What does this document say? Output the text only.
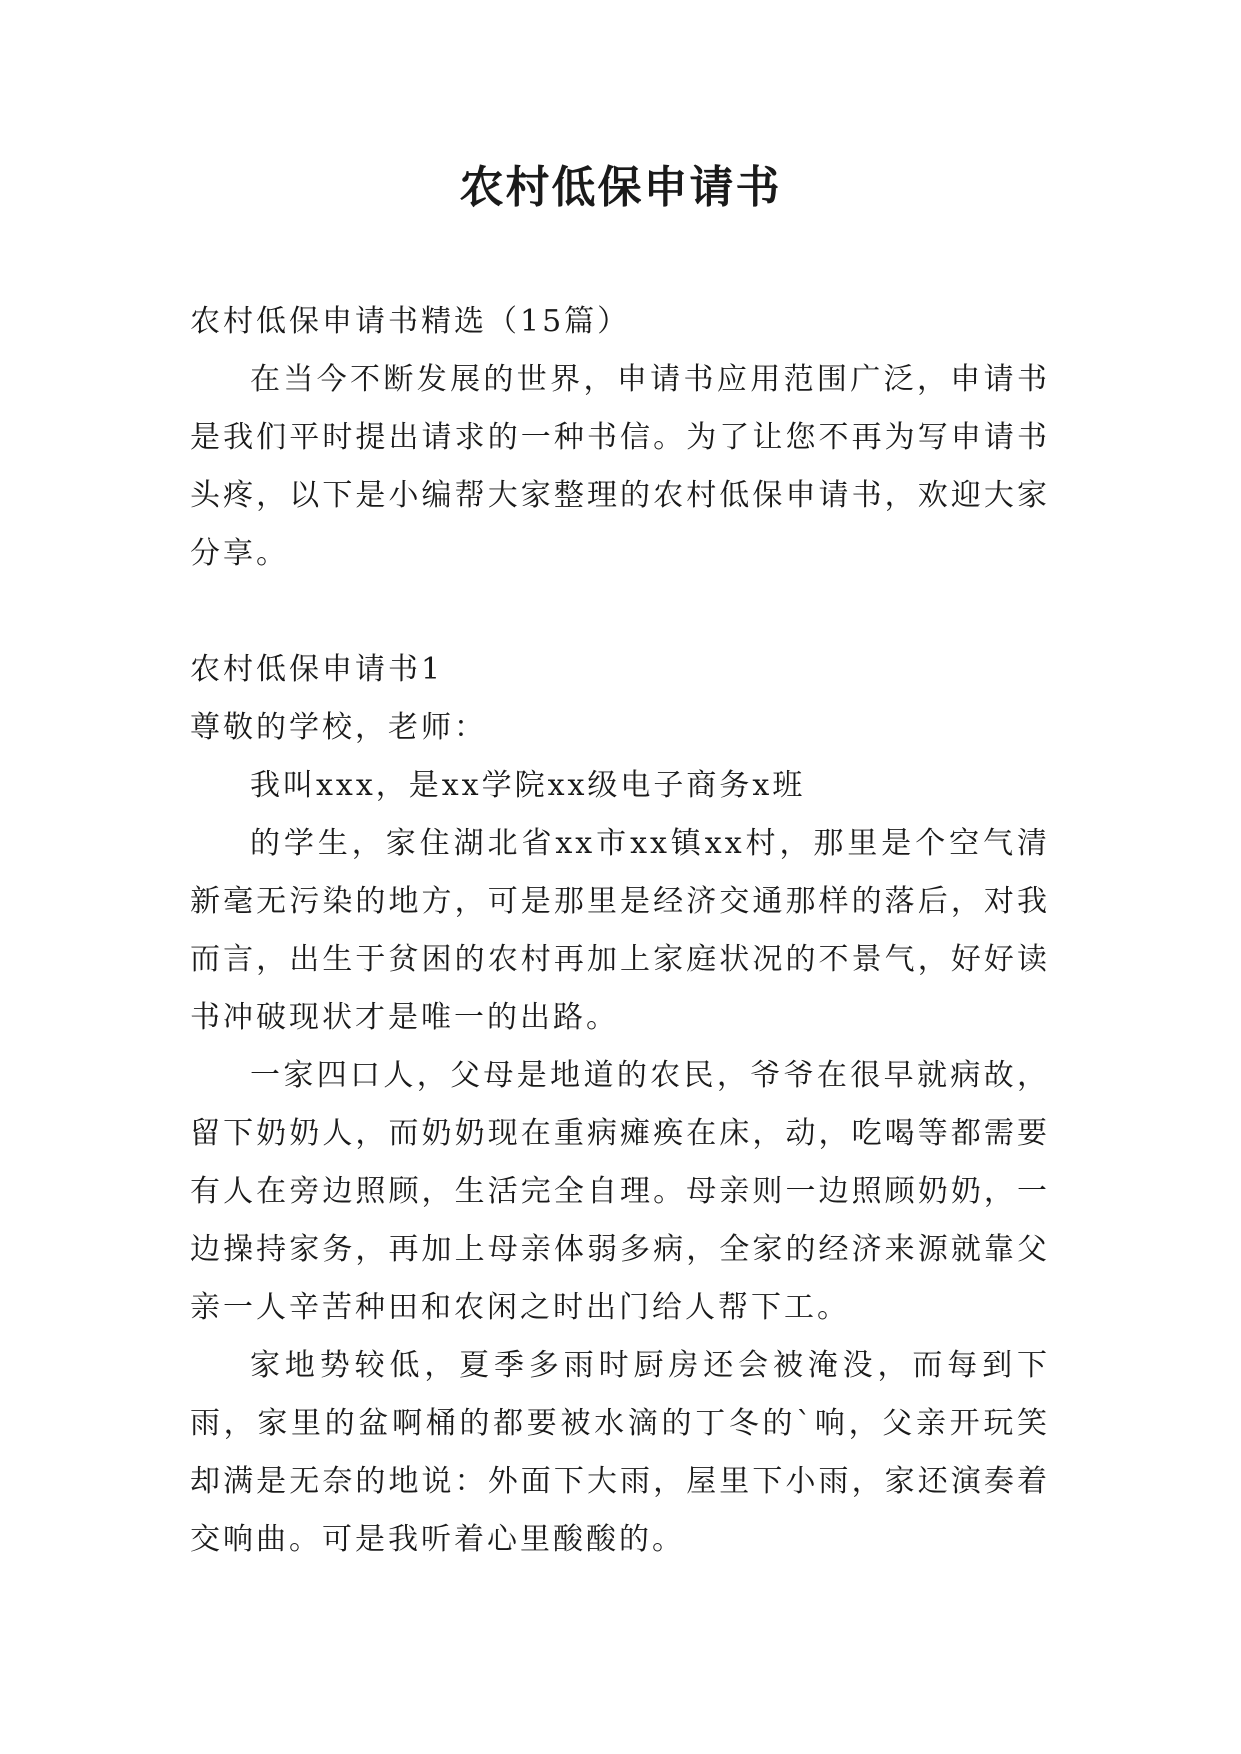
农村低保申请书

农村低保申请书精选（15篇）

在当今不断发展的世界，申请书应用范围广泛，申请书是我们平时提出请求的一种书信。为了让您不再为写申请书头疼，以下是小编帮大家整理的农村低保申请书，欢迎大家分享。

农村低保申请书1

尊敬的学校，老师：

我叫xxx，是xx学院xx级电子商务x班

的学生，家住湖北省xx市xx镇xx村，那里是个空气清新毫无污染的地方，可是那里是经济交通那样的落后，对我而言，出生于贫困的农村再加上家庭状况的不景气，好好读书冲破现状才是唯一的出路。

一家四口人，父母是地道的农民，爷爷在很早就病故，留下奶奶人，而奶奶现在重病瘫痪在床，动，吃喝等都需要有人在旁边照顾，生活完全自理。母亲则一边照顾奶奶，一边操持家务，再加上母亲体弱多病，全家的经济来源就靠父亲一人辛苦种田和农闲之时出门给人帮下工。

家地势较低，夏季多雨时厨房还会被淹没，而每到下雨，家里的盆啊桶的都要被水滴的丁冬的`响，父亲开玩笑却满是无奈的地说：外面下大雨，屋里下小雨，家还演奏着交响曲。可是我听着心里酸酸的。
